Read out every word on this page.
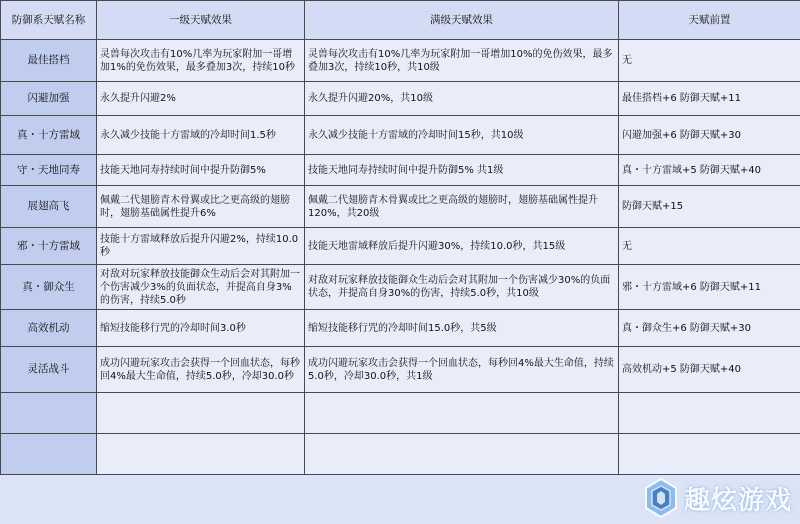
防御系天赋名称	一级天赋效果	满级天赋效果	天赋前置
最佳搭档	灵兽每次攻击有10%几率为玩家附加一哥增加1%的免伤效果，最多叠加3次，持续10秒	灵兽每次攻击有10%几率为玩家附加一哥增加10%的免伤效果，最多叠加3次，持续10秒，共10级	无
闪避加强	永久提升闪避2%	永久提升闪避20%，共10级	最佳搭档+6 防御天赋+11
真・十方雷域	永久减少技能十方雷域的冷却时间1.5秒	永久减少技能十方雷域的冷却时间15秒，共10级	闪避加强+6 防御天赋+30
守・天地同寿	技能天地同寿持续时间中提升防御5%	技能天地同寿持续时间中提升防御5% 共1级	真・十方雷域+5 防御天赋+40
展翅高飞	佩戴二代翅膀青木骨翼或比之更高级的翅膀时，翅膀基础属性提升6%	佩戴二代翅膀青木骨翼或比之更高级的翅膀时，翅膀基础属性提升120%，共20级	防御天赋+15
邪・十方雷域	技能十方雷域释放后提升闪避2%，持续10.0秒	技能天地雷域释放后提升闪避30%，持续10.0秒，共15级	无
真・御众生	对敌对玩家释放技能御众生动后会对其附加一个伤害减少3%的负面状态，并提高自身3%的伤害，持续5.0秒	对敌对玩家释放技能御众生动后会对其附加一个伤害减少30%的负面状态，并提高自身30%的伤害，持续5.0秒，共10级	邪・十方雷域+6 防御天赋+11
高效机动	缩短技能移行咒的冷却时间3.0秒	缩短技能移行咒的冷却时间15.0秒，共5级	真・御众生+6 防御天赋+30
灵活战斗	成功闪避玩家攻击会获得一个回血状态，每秒回4%最大生命值，持续5.0秒，冷却30.0秒	成功闪避玩家攻击会获得一个回血状态，每秒回4%最大生命值，持续5.0秒，冷却30.0秒，共1级	高效机动+5 防御天赋+40

趣炫游戏
